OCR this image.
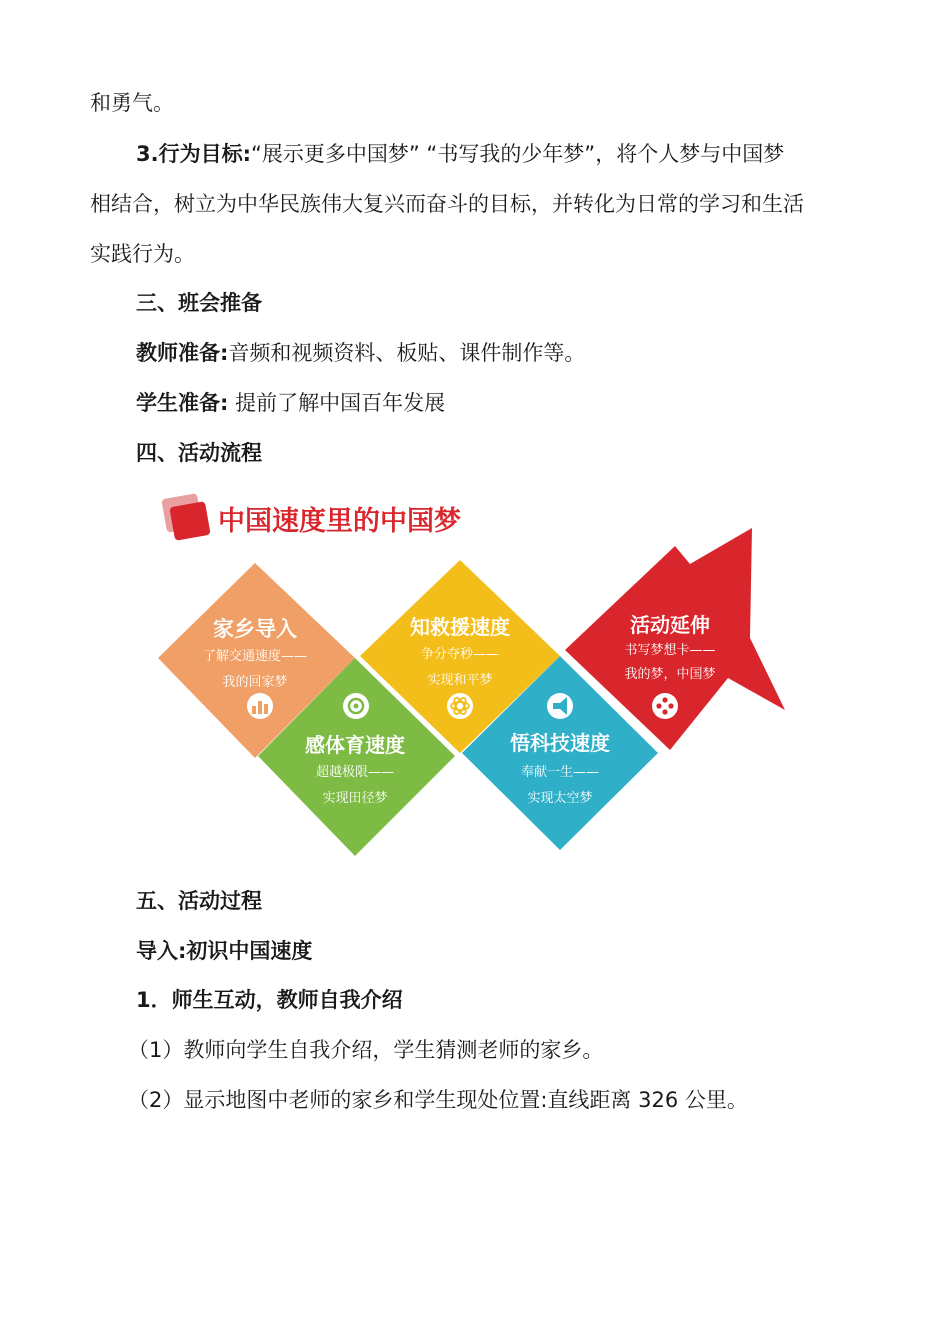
和勇气。
3.行为目标:“展示更多中国梦” “书写我的少年梦”，将个人梦与中国梦
相结合，树立为中华民族伟大复兴而奋斗的目标，并转化为日常的学习和生活
实践行为。
三、班会推备
教师准备:音频和视频资料、板贴、课件制作等。
学生准备: 提前了解中国百年发展
四、活动流程
中国速度里的中国梦
家乡导入
了解交通速度——
我的回家梦
感体育速度
超越极限——
实现田径梦
知救援速度
争分夺秒——
实现和平梦
悟科技速度
奉献一生——
实现太空梦
活动延伸
书写梦想卡——
我的梦，中国梦
五、活动过程
导入:初识中国速度
1．师生互动，教师自我介绍
（1）教师向学生自我介绍，学生猜测老师的家乡。
（2）显示地图中老师的家乡和学生现处位置:直线距离 326 公里。
